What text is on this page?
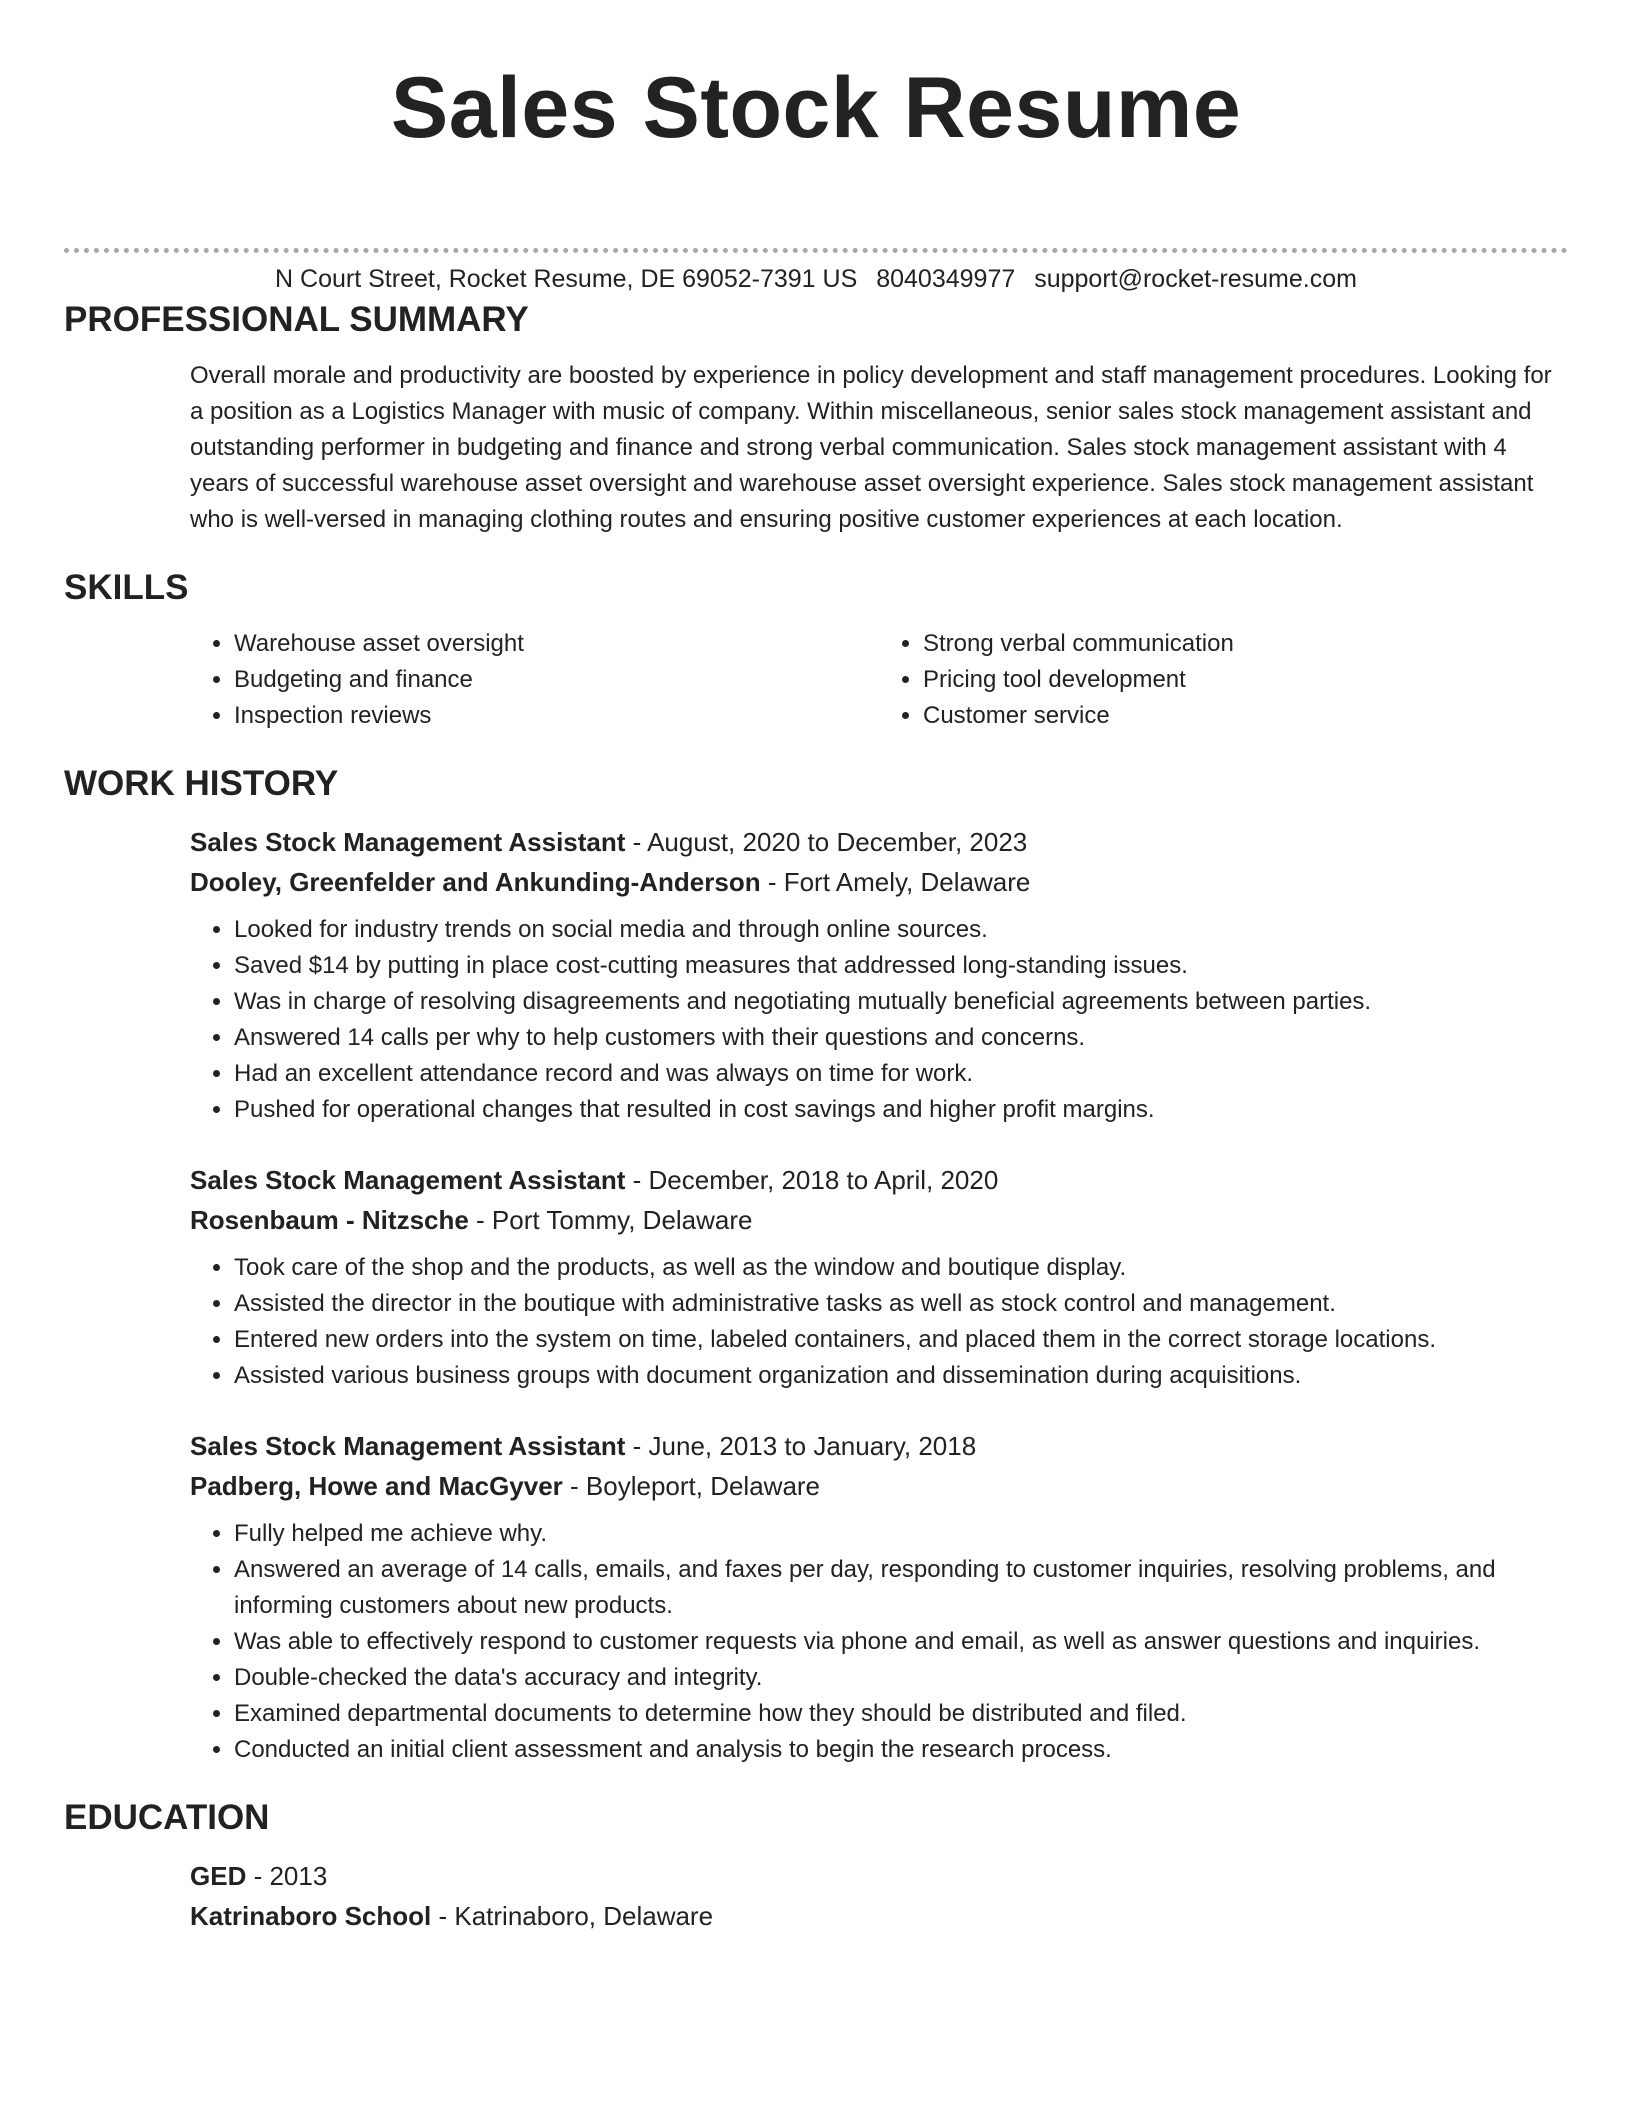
Sales Stock Resume
N Court Street, Rocket Resume, DE 69052-7391 US 8040349977 support@rocket-resume.com
PROFESSIONAL SUMMARY
Overall morale and productivity are boosted by experience in policy development and staff management procedures. Looking for a position as a Logistics Manager with music of company. Within miscellaneous, senior sales stock management assistant and outstanding performer in budgeting and finance and strong verbal communication. Sales stock management assistant with 4 years of successful warehouse asset oversight and warehouse asset oversight experience. Sales stock management assistant who is well-versed in managing clothing routes and ensuring positive customer experiences at each location.
SKILLS
• Warehouse asset oversight
• Budgeting and finance
• Inspection reviews
• Strong verbal communication
• Pricing tool development
• Customer service
WORK HISTORY
Sales Stock Management Assistant - August, 2020 to December, 2023
Dooley, Greenfelder and Ankunding-Anderson - Fort Amely, Delaware
• Looked for industry trends on social media and through online sources.
• Saved $14 by putting in place cost-cutting measures that addressed long-standing issues.
• Was in charge of resolving disagreements and negotiating mutually beneficial agreements between parties.
• Answered 14 calls per why to help customers with their questions and concerns.
• Had an excellent attendance record and was always on time for work.
• Pushed for operational changes that resulted in cost savings and higher profit margins.
Sales Stock Management Assistant - December, 2018 to April, 2020
Rosenbaum - Nitzsche - Port Tommy, Delaware
• Took care of the shop and the products, as well as the window and boutique display.
• Assisted the director in the boutique with administrative tasks as well as stock control and management.
• Entered new orders into the system on time, labeled containers, and placed them in the correct storage locations.
• Assisted various business groups with document organization and dissemination during acquisitions.
Sales Stock Management Assistant - June, 2013 to January, 2018
Padberg, Howe and MacGyver - Boyleport, Delaware
• Fully helped me achieve why.
• Answered an average of 14 calls, emails, and faxes per day, responding to customer inquiries, resolving problems, and informing customers about new products.
• Was able to effectively respond to customer requests via phone and email, as well as answer questions and inquiries.
• Double-checked the data's accuracy and integrity.
• Examined departmental documents to determine how they should be distributed and filed.
• Conducted an initial client assessment and analysis to begin the research process.
EDUCATION
GED - 2013
Katrinaboro School - Katrinaboro, Delaware
